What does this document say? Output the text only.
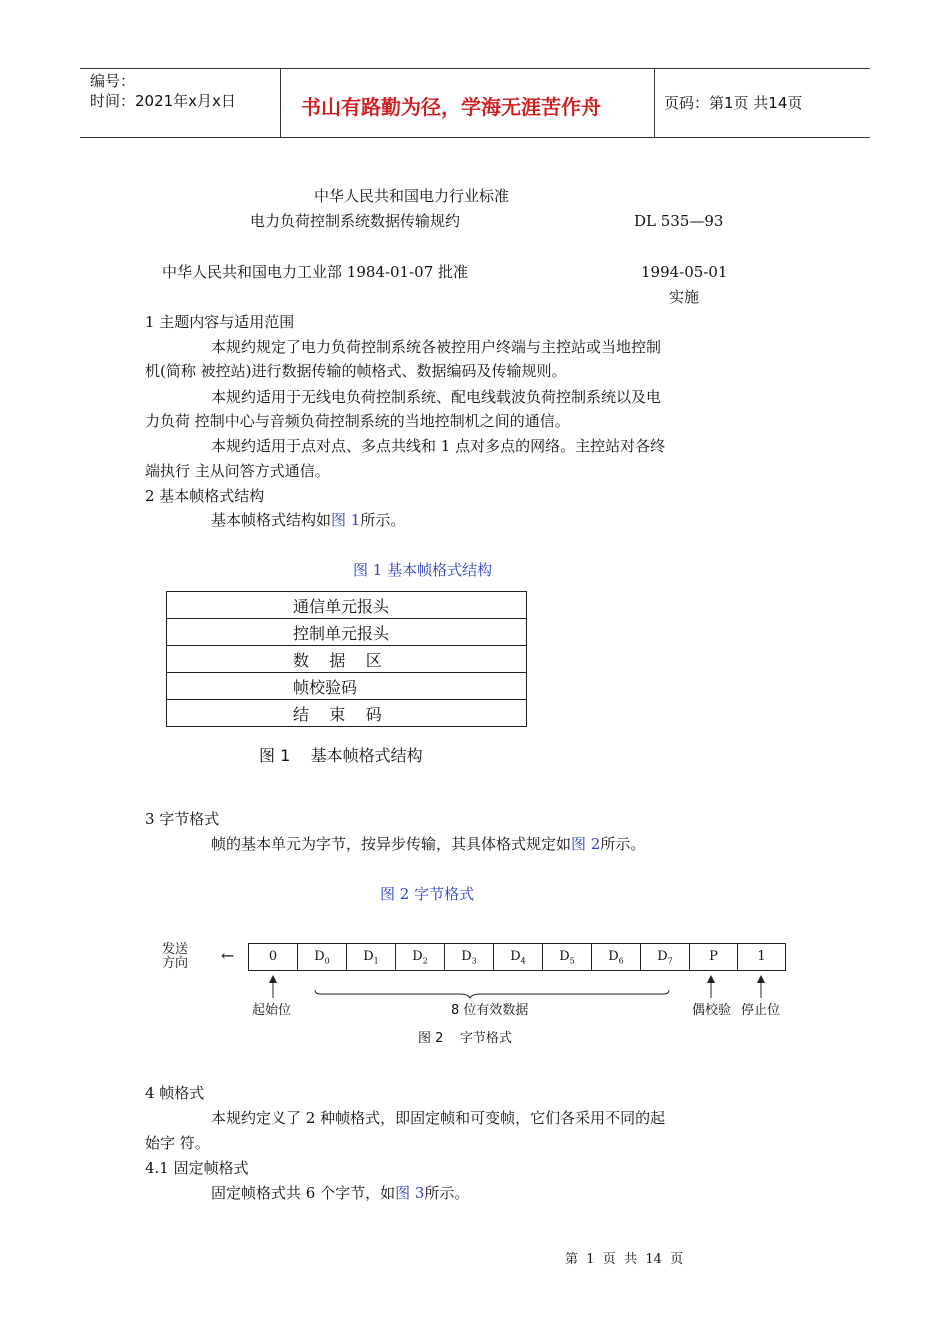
编号：
时间：2021年x月x日	书山有路勤为径，学海无涯苦作舟	页码：第1页 共14页
中华人民共和国电力行业标准
电力负荷控制系统数据传输规约	DL 535—93
中华人民共和国电力工业部 1984-01-07 批准	1994-05-01
实施
1 主题内容与适用范围
本规约规定了电力负荷控制系统各被控用户终端与主控站或当地控制
机(简称 被控站)进行数据传输的帧格式、数据编码及传输规则。
本规约适用于无线电负荷控制系统、配电线载波负荷控制系统以及电
力负荷 控制中心与音频负荷控制系统的当地控制机之间的通信。
本规约适用于点对点、多点共线和 1 点对多点的网络。主控站对各终
端执行 主从问答方式通信。
2 基本帧格式结构
基本帧格式结构如图 1所示。
图 1 基本帧格式结构
通信单元报头
控制单元报头
数    据    区
帧校验码
结    束    码
图 1    基本帧格式结构
3 字节格式
帧的基本单元为字节，按异步传输，其具体格式规定如图 2所示。
图 2 字节格式
发送
方向 ←	0	$D_0$	$D_1$	$D_2$	$D_3$	$D_4$	$D_5$	$D_6$	$D_7$	P	1
起始位	8 位有效数据	偶校验 停止位
图 2    字节格式
4 帧格式
本规约定义了 2 种帧格式，即固定帧和可变帧，它们各采用不同的起
始字 符。
4.1 固定帧格式
固定帧格式共 6 个字节，如图 3所示。
第  1  页  共  14  页
